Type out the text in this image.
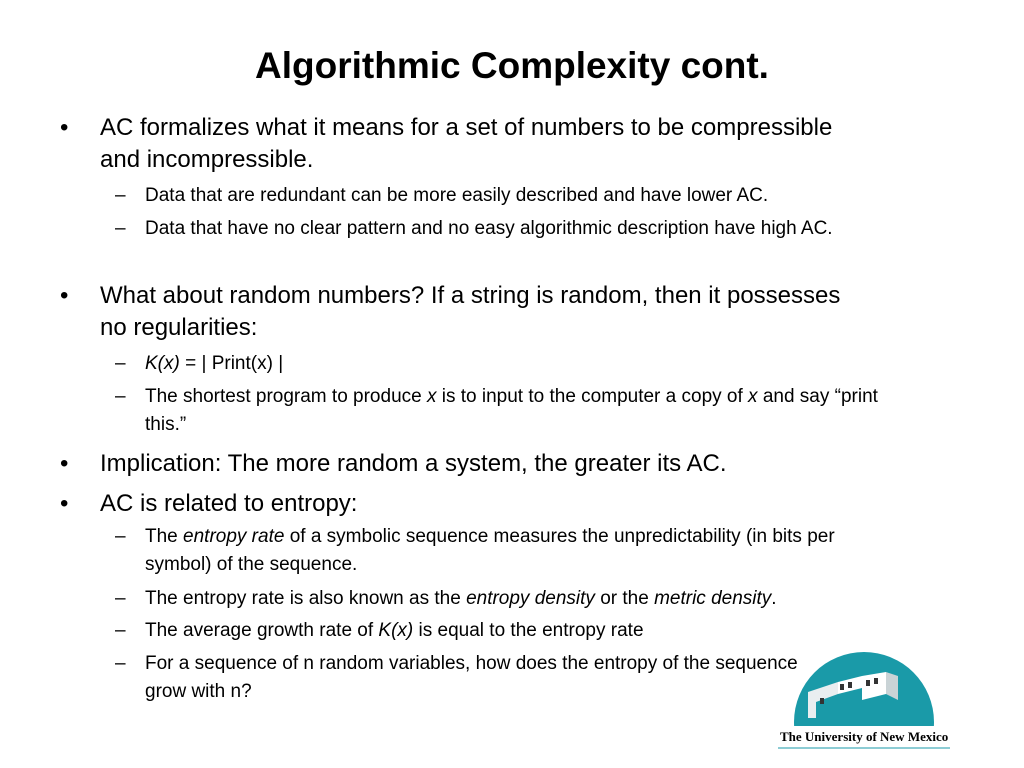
Algorithmic Complexity cont.
• AC formalizes what it means for a set of numbers to be compressible and incompressible.
– Data that are redundant can be more easily described and have lower AC.
– Data that have no clear pattern and no easy algorithmic description have high AC.
• What about random numbers? If a string is random, then it possesses no regularities:
– K(x) = | Print(x) |
– The shortest program to produce x is to input to the computer a copy of x and say “print this.”
• Implication: The more random a system, the greater its AC.
• AC is related to entropy:
– The entropy rate of a symbolic sequence measures the unpredictability (in bits per symbol) of the sequence.
– The entropy rate is also known as the entropy density or the metric density.
– The average growth rate of K(x) is equal to the entropy rate
– For a sequence of n random variables, how does the entropy of the sequence grow with n?
The University of New Mexico
